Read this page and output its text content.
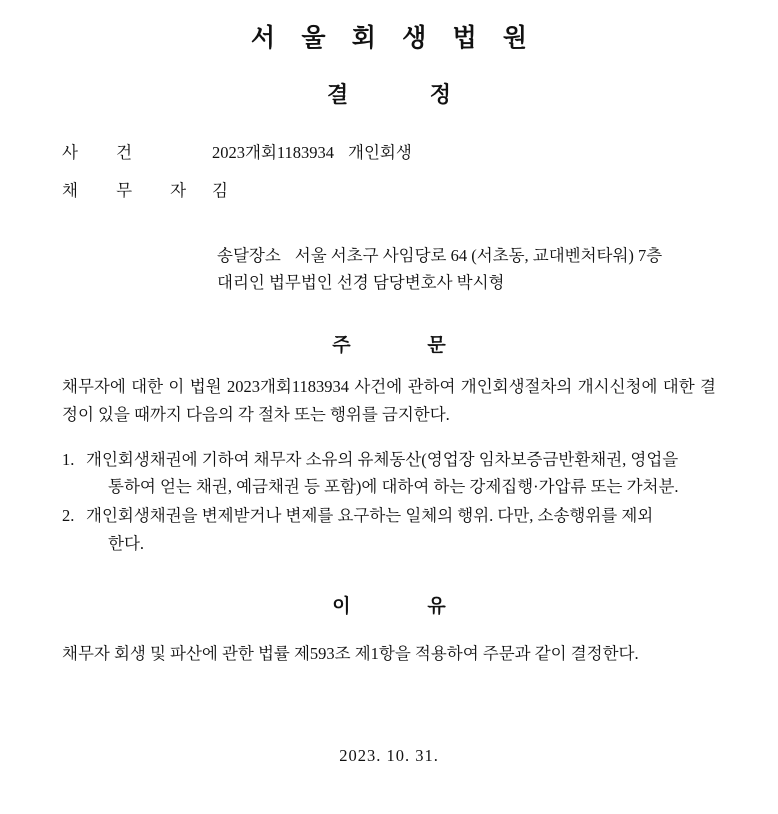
서 울 회 생 법 원
결 정
사 건	2023개회1183934 개인회생
채 무 자 김
송달장소 서울 서초구 사임당로 64 (서초동, 교대벤처타워) 7층
대리인 법무법인 선경 담당변호사 박시형
주 문

채무자에 대한 이 법원 2023개회1183934 사건에 관하여 개인회생절차의 개시신청에 대한 결정이 있을 때까지 다음의 각 절차 또는 행위를 금지한다.

1. 개인회생채권에 기하여 채무자 소유의 유체동산(영업장 임차보증금반환채권, 영업을
통하여 얻는 채권, 예금채권 등 포함)에 대하여 하는 강제집행·가압류 또는 가처분.
2. 개인회생채권을 변제받거나 변제를 요구하는 일체의 행위. 다만, 소송행위를 제외
한다.
이 유

채무자 회생 및 파산에 관한 법률 제593조 제1항을 적용하여 주문과 같이 결정한다.

2023. 10. 31.
